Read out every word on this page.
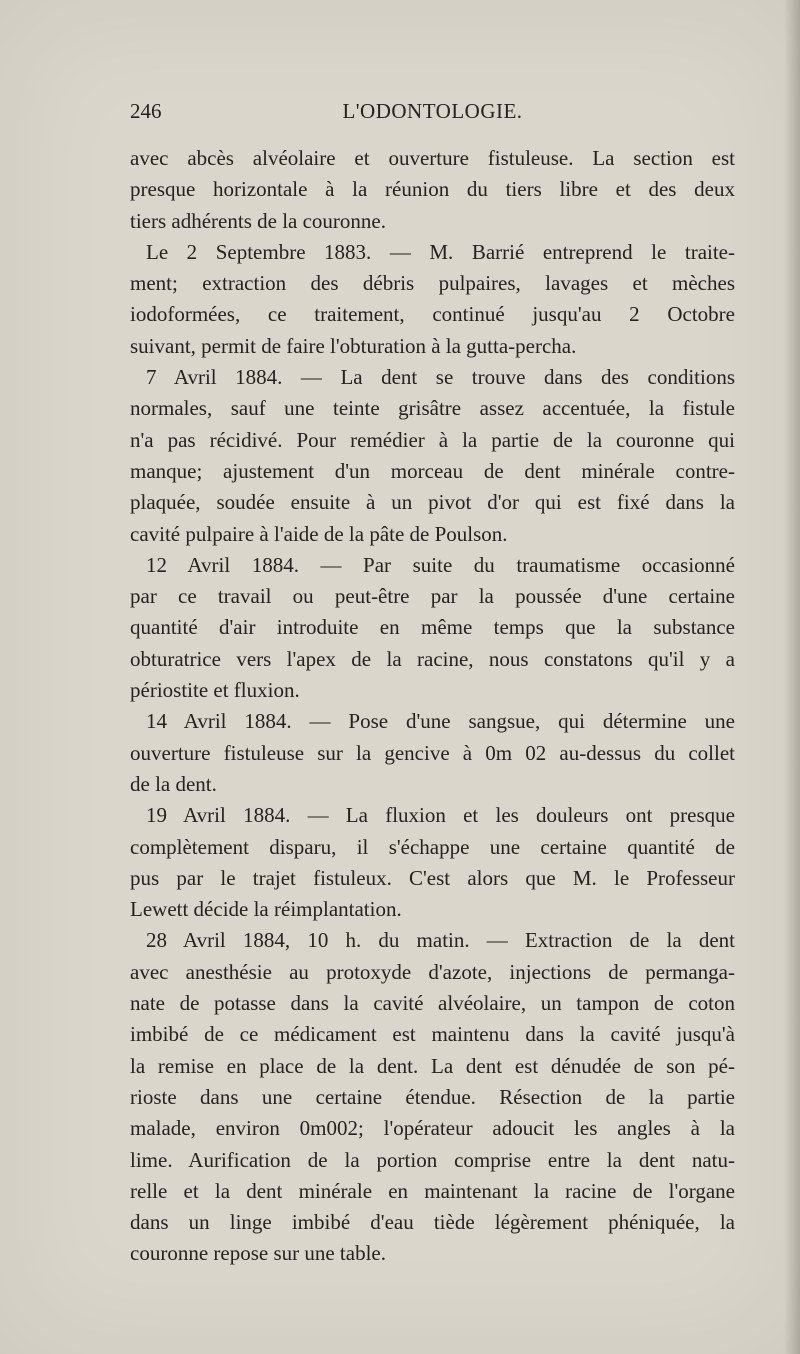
246	L'ODONTOLOGIE.
avec abcès alvéolaire et ouverture fistuleuse. La section est
presque horizontale à la réunion du tiers libre et des deux
tiers adhérents de la couronne.
Le 2 Septembre 1883. — M. Barrié entreprend le traite-
ment; extraction des débris pulpaires, lavages et mèches
iodoformées, ce traitement, continué jusqu'au 2 Octobre
suivant, permit de faire l'obturation à la gutta-percha.
7 Avril 1884. — La dent se trouve dans des conditions
normales, sauf une teinte grisâtre assez accentuée, la fistule
n'a pas récidivé. Pour remédier à la partie de la couronne qui
manque; ajustement d'un morceau de dent minérale contre-
plaquée, soudée ensuite à un pivot d'or qui est fixé dans la
cavité pulpaire à l'aide de la pâte de Poulson.
12 Avril 1884. — Par suite du traumatisme occasionné
par ce travail ou peut-être par la poussée d'une certaine
quantité d'air introduite en même temps que la substance
obturatrice vers l'apex de la racine, nous constatons qu'il y a
périostite et fluxion.
14 Avril 1884. — Pose d'une sangsue, qui détermine une
ouverture fistuleuse sur la gencive à 0m 02 au-dessus du collet
de la dent.
19 Avril 1884. — La fluxion et les douleurs ont presque
complètement disparu, il s'échappe une certaine quantité de
pus par le trajet fistuleux. C'est alors que M. le Professeur
Lewett décide la réimplantation.
28 Avril 1884, 10 h. du matin. — Extraction de la dent
avec anesthésie au protoxyde d'azote, injections de permanga-
nate de potasse dans la cavité alvéolaire, un tampon de coton
imbibé de ce médicament est maintenu dans la cavité jusqu'à
la remise en place de la dent. La dent est dénudée de son pé-
rioste dans une certaine étendue. Résection de la partie
malade, environ 0m002; l'opérateur adoucit les angles à la
lime. Aurification de la portion comprise entre la dent natu-
relle et la dent minérale en maintenant la racine de l'organe
dans un linge imbibé d'eau tiède légèrement phéniquée, la
couronne repose sur une table.
